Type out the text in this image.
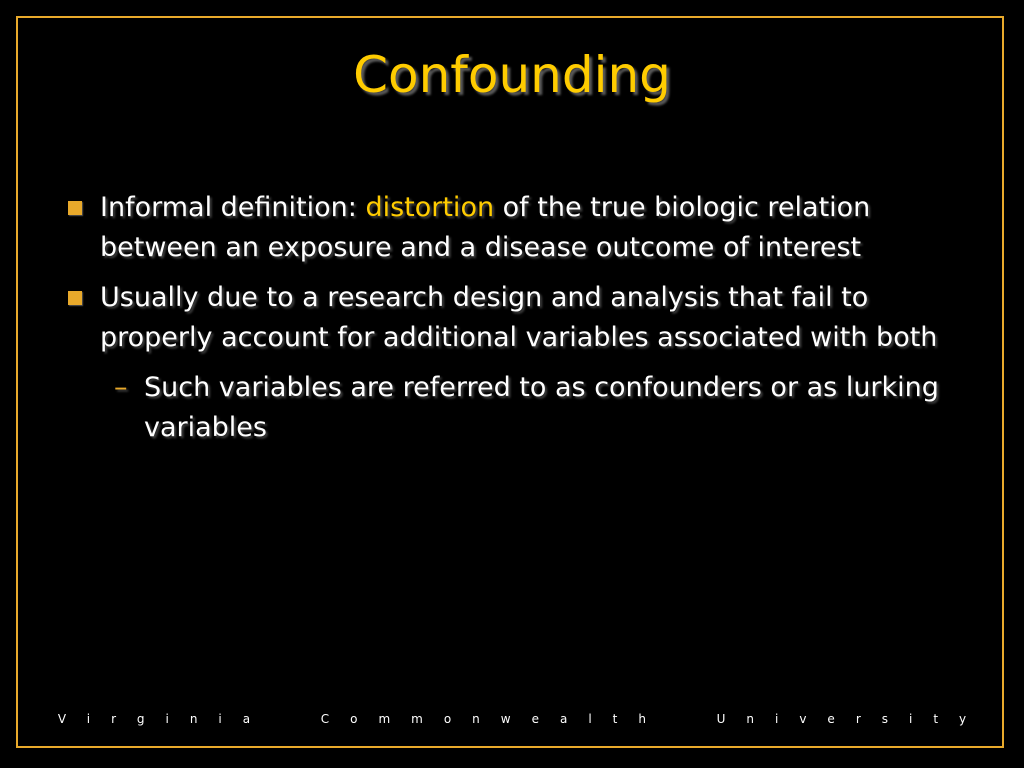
Confounding
Informal definition: distortion of the true biologic relation between an exposure and a disease outcome of interest
Usually due to a research design and analysis that fail to properly account for additional variables associated with both
– Such variables are referred to as confounders or as lurking variables
Virginia  Commonwealth  University
